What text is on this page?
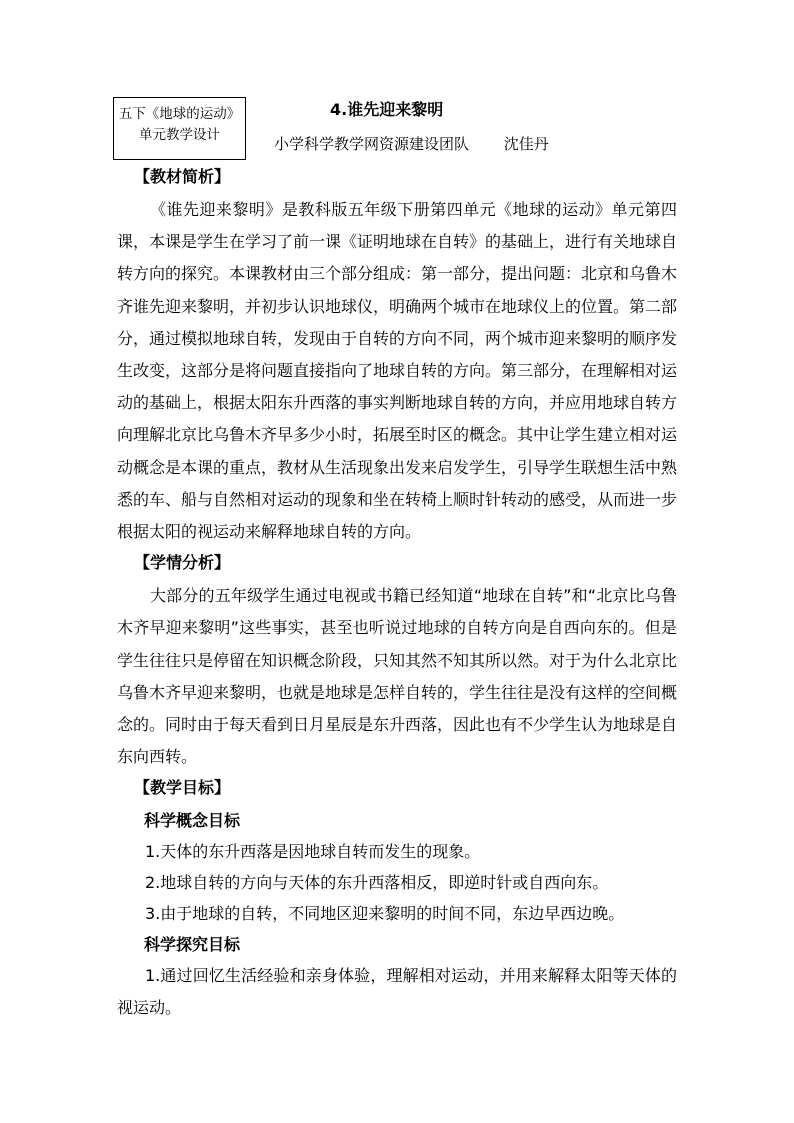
五下《地球的运动》
单元教学设计
4.谁先迎来黎明
小学科学教学网资源建设团队 沈佳丹
【教材简析】

《谁先迎来黎明》是教科版五年级下册第四单元《地球的运动》单元第四课，本课是学生在学习了前一课《证明地球在自转》的基础上，进行有关地球自转方向的探究。本课教材由三个部分组成：第一部分，提出问题：北京和乌鲁木齐谁先迎来黎明，并初步认识地球仪，明确两个城市在地球仪上的位置。第二部分，通过模拟地球自转，发现由于自转的方向不同，两个城市迎来黎明的顺序发生改变，这部分是将问题直接指向了地球自转的方向。第三部分，在理解相对运动的基础上，根据太阳东升西落的事实判断地球自转的方向，并应用地球自转方向理解北京比乌鲁木齐早多少小时，拓展至时区的概念。其中让学生建立相对运动概念是本课的重点，教材从生活现象出发来启发学生，引导学生联想生活中熟悉的车、船与自然相对运动的现象和坐在转椅上顺时针转动的感受，从而进一步根据太阳的视运动来解释地球自转的方向。

【学情分析】

大部分的五年级学生通过电视或书籍已经知道“地球在自转”和“北京比乌鲁木齐早迎来黎明”这些事实，甚至也听说过地球的自转方向是自西向东的。但是学生往往只是停留在知识概念阶段，只知其然不知其所以然。对于为什么北京比乌鲁木齐早迎来黎明，也就是地球是怎样自转的，学生往往是没有这样的空间概念的。同时由于每天看到日月星辰是东升西落，因此也有不少学生认为地球是自东向西转。

【教学目标】
科学概念目标
1.天体的东升西落是因地球自转而发生的现象。
2.地球自转的方向与天体的东升西落相反，即逆时针或自西向东。
3.由于地球的自转，不同地区迎来黎明的时间不同，东边早西边晚。
科学探究目标
1.通过回忆生活经验和亲身体验，理解相对运动，并用来解释太阳等天体的视运动。
